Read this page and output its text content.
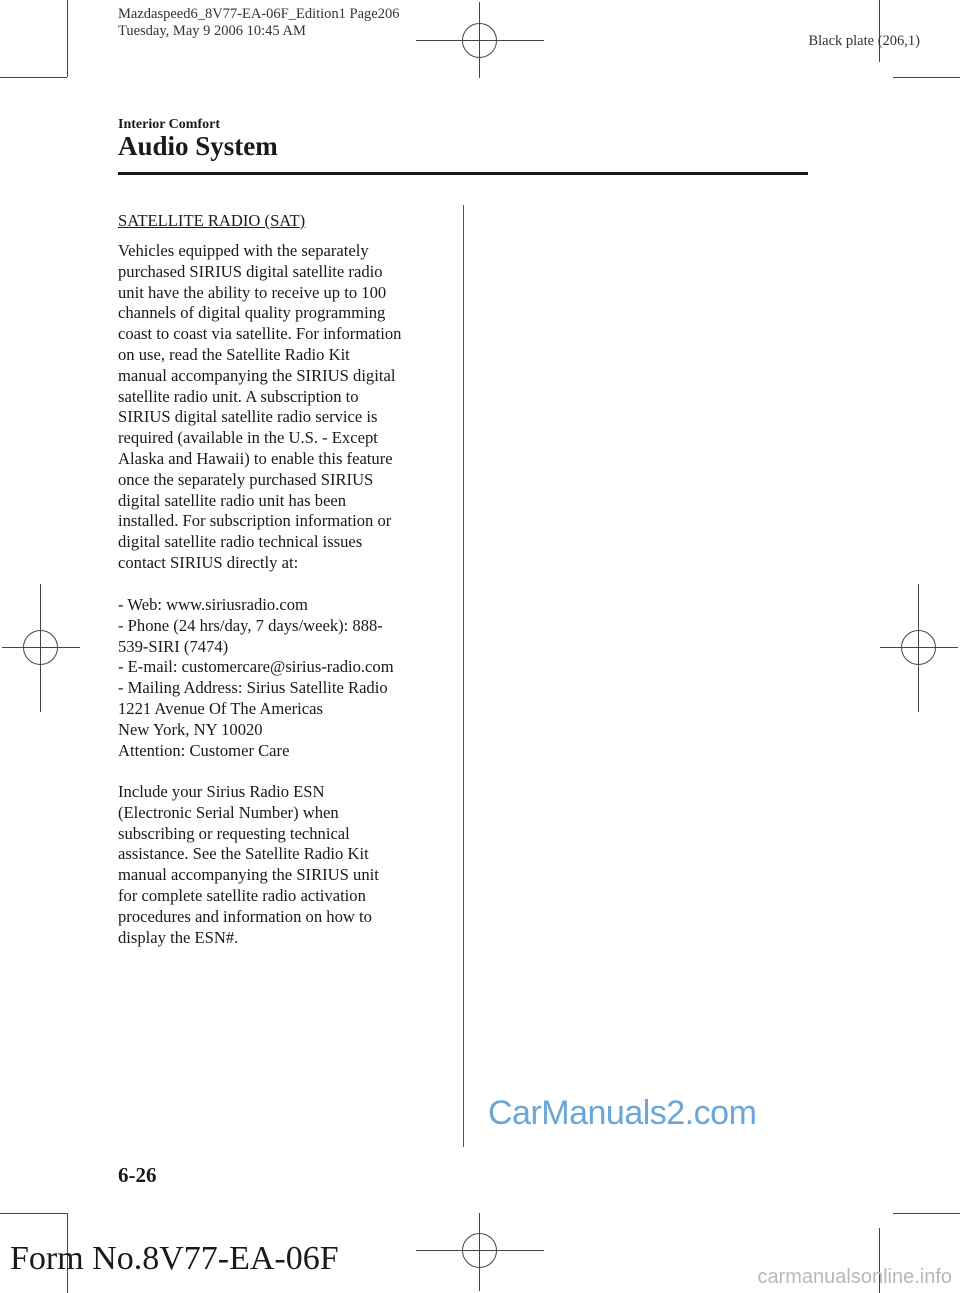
Mazdaspeed6_8V77-EA-06F_Edition1 Page206
Tuesday, May 9 2006 10:45 AM
Black plate (206,1)
Interior Comfort
Audio System
SATELLITE RADIO (SAT)
Vehicles equipped with the separately
purchased SIRIUS digital satellite radio
unit have the ability to receive up to 100
channels of digital quality programming
coast to coast via satellite. For information
on use, read the Satellite Radio Kit
manual accompanying the SIRIUS digital
satellite radio unit. A subscription to
SIRIUS digital satellite radio service is
required (available in the U.S. - Except
Alaska and Hawaii) to enable this feature
once the separately purchased SIRIUS
digital satellite radio unit has been
installed. For subscription information or
digital satellite radio technical issues
contact SIRIUS directly at:
- Web: www.siriusradio.com
- Phone (24 hrs/day, 7 days/week): 888-
539-SIRI (7474)
- E-mail: customercare@sirius-radio.com
- Mailing Address: Sirius Satellite Radio
1221 Avenue Of The Americas
New York, NY 10020
Attention: Customer Care
Include your Sirius Radio ESN
(Electronic Serial Number) when
subscribing or requesting technical
assistance. See the Satellite Radio Kit
manual accompanying the SIRIUS unit
for complete satellite radio activation
procedures and information on how to
display the ESN#.
CarManuals2.com
6-26
Form No.8V77-EA-06F	carmanualsonline.info
